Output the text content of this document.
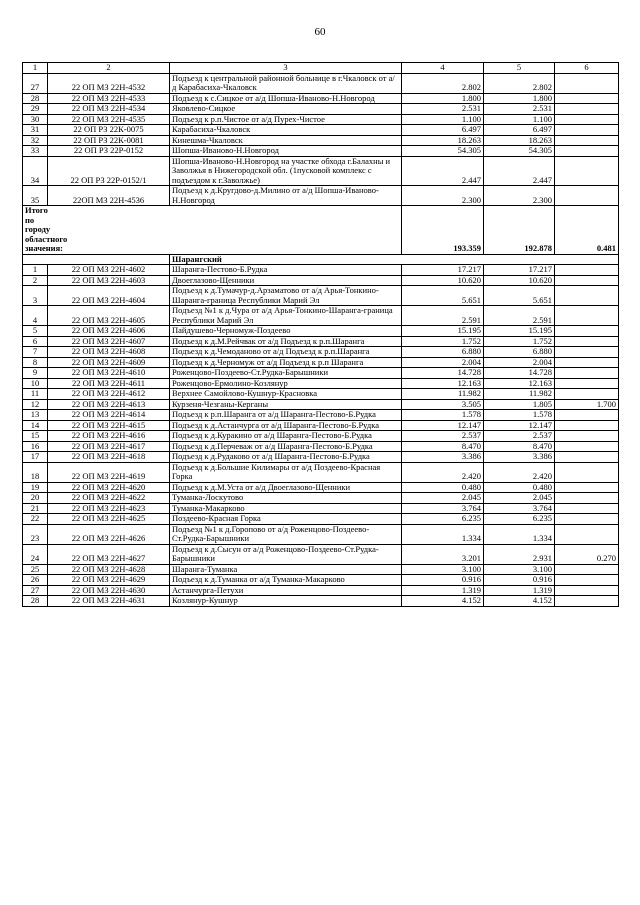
60
1	2	3	4	5	6
27	22 ОП МЗ 22Н-4532	Подъезд к центральной районной больнице в г.Чкаловск от а/д Карабасиха-Чкаловск	2.802	2.802	
28	22 ОП МЗ 22Н-4533	Подъезд к с.Сицкое от а/д Шопша-Иваново-Н.Новгород	1.800	1.800	
29	22 ОП МЗ 22Н-4534	Яковлево-Сицкое	2.531	2.531	
30	22 ОП МЗ 22Н-4535	Подъезд к р.п.Чистое от а/д Пурех-Чистое	1.100	1.100	
31	22 ОП РЗ 22К-0075	Карабасиха-Чкаловск	6.497	6.497	
32	22 ОП РЗ 22К-0081	Кинешма-Чкаловск	18.263	18.263	
33	22 ОП РЗ 22Р-0152	Шопша-Иваново-Н.Новгород	54.305	54.305	
34	22 ОП РЗ 22Р-0152/1	Шопша-Иваново-Н.Новгород на участке обхода г.Балахны и Заволжья в Нижегородской обл. (1пусковой комплекс с подъездом к г.Заволжье)	2.447	2.447	
35	22ОП МЗ 22Н-4536	Подъезд к д.Кругдово-д.Милино от а/д Шопша-Иваново-Н.Новгород	2.300	2.300	
Итого по городу областного значения:			193.359	192.878	0.481
		Шарангский			
1	22 ОП МЗ 22Н-4602	Шаранга-Пестово-Б.Рудка	17.217	17.217	
2	22 ОП МЗ 22Н-4603	Двоеглазово-Щенники	10.620	10.620	
3	22 ОП МЗ 22Н-4604	Подъезд к д.Тумачур-д.Арзаматово от а/д Арья-Тонкино-Шаранга-граница Республики Марий Эл	5.651	5.651	
4	22 ОП МЗ 22Н-4605	Подъезд №1 к д.Чура от а/д Арья-Тонкино-Шаранга-граница Республики Марий Эл	2.591	2.591	
5	22 ОП МЗ 22Н-4606	Пайдушево-Черномуж-Поздеево	15.195	15.195	
6	22 ОП МЗ 22Н-4607	Подъезд к д.М.Рейчвак от а/д Подъезд к р.п.Шаранга	1.752	1.752	
7	22 ОП МЗ 22Н-4608	Подъезд к д.Чемоданово от а/д Подъезд к р.п.Шаранга	6.880	6.880	
8	22 ОП МЗ 22Н-4609	Подъезд к д.Черномуж от а/д Подъезд к р.п Шаранга	2.004	2.004	
9	22 ОП МЗ 22Н-4610	Роженцово-Поздеево-Ст.Рудка-Барышники	14.728	14.728	
10	22 ОП МЗ 22Н-4611	Роженцово-Ермолино-Козлянур	12.163	12.163	
11	22 ОП МЗ 22Н-4612	Верхнее Самойлово-Кушнур-Красновка	11.982	11.982	
12	22 ОП МЗ 22Н-4613	Курзеня-Чезганы-Керганы	3.505	1.805	1.700
13	22 ОП МЗ 22Н-4614	Подъезд к р.п.Шаранга от а/д Шаранга-Пестово-Б.Рудка	1.578	1.578	
14	22 ОП МЗ 22Н-4615	Подъезд к д.Астанчурга от а/д Шаранга-Пестово-Б.Рудка	12.147	12.147	
15	22 ОП МЗ 22Н-4616	Подъезд к д.Куракино от а/д Шаранга-Пестово-Б.Рудка	2.537	2.537	
16	22 ОП МЗ 22Н-4617	Подъезд к д.Перчеваж от а/д Шаранга-Пестово-Б.Рудка	8.470	8.470	
17	22 ОП МЗ 22Н-4618	Подъезд к д.Рудаково от а/д Шаранга-Пестово-Б.Рудка	3.386	3.386	
18	22 ОП МЗ 22Н-4619	Подъезд к д.Большие Килимары от а/д Поздеево-Красная Горка	2.420	2.420	
19	22 ОП МЗ 22Н-4620	Подъезд к д.М.Уста от а/д Двоеглазово-Щенники	0.480	0.480	
20	22 ОП МЗ 22Н-4622	Туманка-Лоскутово	2.045	2.045	
21	22 ОП МЗ 22Н-4623	Туманка-Макарково	3.764	3.764	
22	22 ОП МЗ 22Н-4625	Поздеево-Красная Горка	6.235	6.235	
23	22 ОП МЗ 22Н-4626	Подъезд №1 к д.Горопово от а/д Роженцово-Поздеево-Ст.Рудка-Барышники	1.334	1.334	
24	22 ОП МЗ 22Н-4627	Подъезд к д.Сысун от а/д Роженцово-Поздеево-Ст.Рудка-Барышники	3.201	2.931	0.270
25	22 ОП МЗ 22Н-4628	Шаранга-Туманка	3.100	3.100	
26	22 ОП МЗ 22Н-4629	Подъезд к д.Туманка от а/д Туманка-Макарково	0.916	0.916	
27	22 ОП МЗ 22Н-4630	Астанчурга-Петухи	1.319	1.319	
28	22 ОП МЗ 22Н-4631	Козлянур-Кушнур	4.152	4.152	
